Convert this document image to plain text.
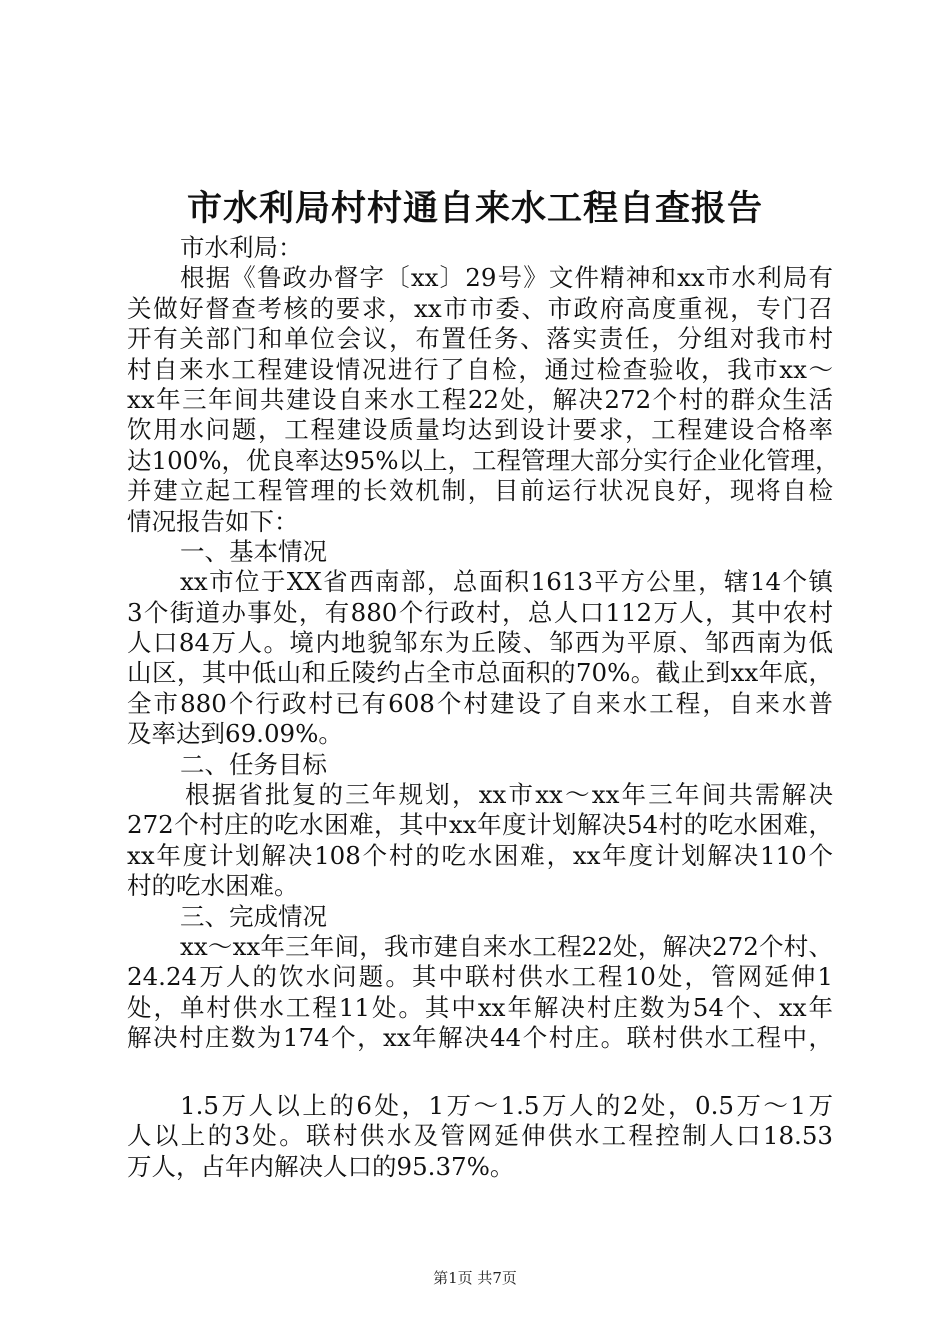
市水利局村村通自来水工程自查报告
市水利局：
根据《鲁政办督字〔xx〕29号》文件精神和xx市水利局有
关做好督查考核的要求，xx市市委、市政府高度重视，专门召
开有关部门和单位会议，布置任务、落实责任，分组对我市村
村自来水工程建设情况进行了自检，通过检查验收，我市xx～
xx年三年间共建设自来水工程22处，解决272个村的群众生活
饮用水问题，工程建设质量均达到设计要求，工程建设合格率
达100%，优良率达95%以上，工程管理大部分实行企业化管理，
并建立起工程管理的长效机制，目前运行状况良好，现将自检
情况报告如下：
一、基本情况
xx市位于XX省西南部，总面积1613平方公里，辖14个镇
3个街道办事处，有880个行政村，总人口112万人，其中农村
人口84万人。境内地貌邹东为丘陵、邹西为平原、邹西南为低
山区，其中低山和丘陵约占全市总面积的70%。截止到xx年底，
全市880个行政村已有608个村建设了自来水工程，自来水普
及率达到69.09%。
二、任务目标
根据省批复的三年规划，xx市xx～xx年三年间共需解决
272个村庄的吃水困难，其中xx年度计划解决54村的吃水困难，
xx年度计划解决108个村的吃水困难，xx年度计划解决110个
村的吃水困难。
三、完成情况
xx～xx年三年间，我市建自来水工程22处，解决272个村、
24.24万人的饮水问题。其中联村供水工程10处，管网延伸1
处，单村供水工程11处。其中xx年解决村庄数为54个、xx年
解决村庄数为174个，xx年解决44个村庄。联村供水工程中，
1.5万人以上的6处，1万～1.5万人的2处，0.5万～1万
人以上的3处。联村供水及管网延伸供水工程控制人口18.53
万人，占年内解决人口的95.37%。
第1页 共7页
